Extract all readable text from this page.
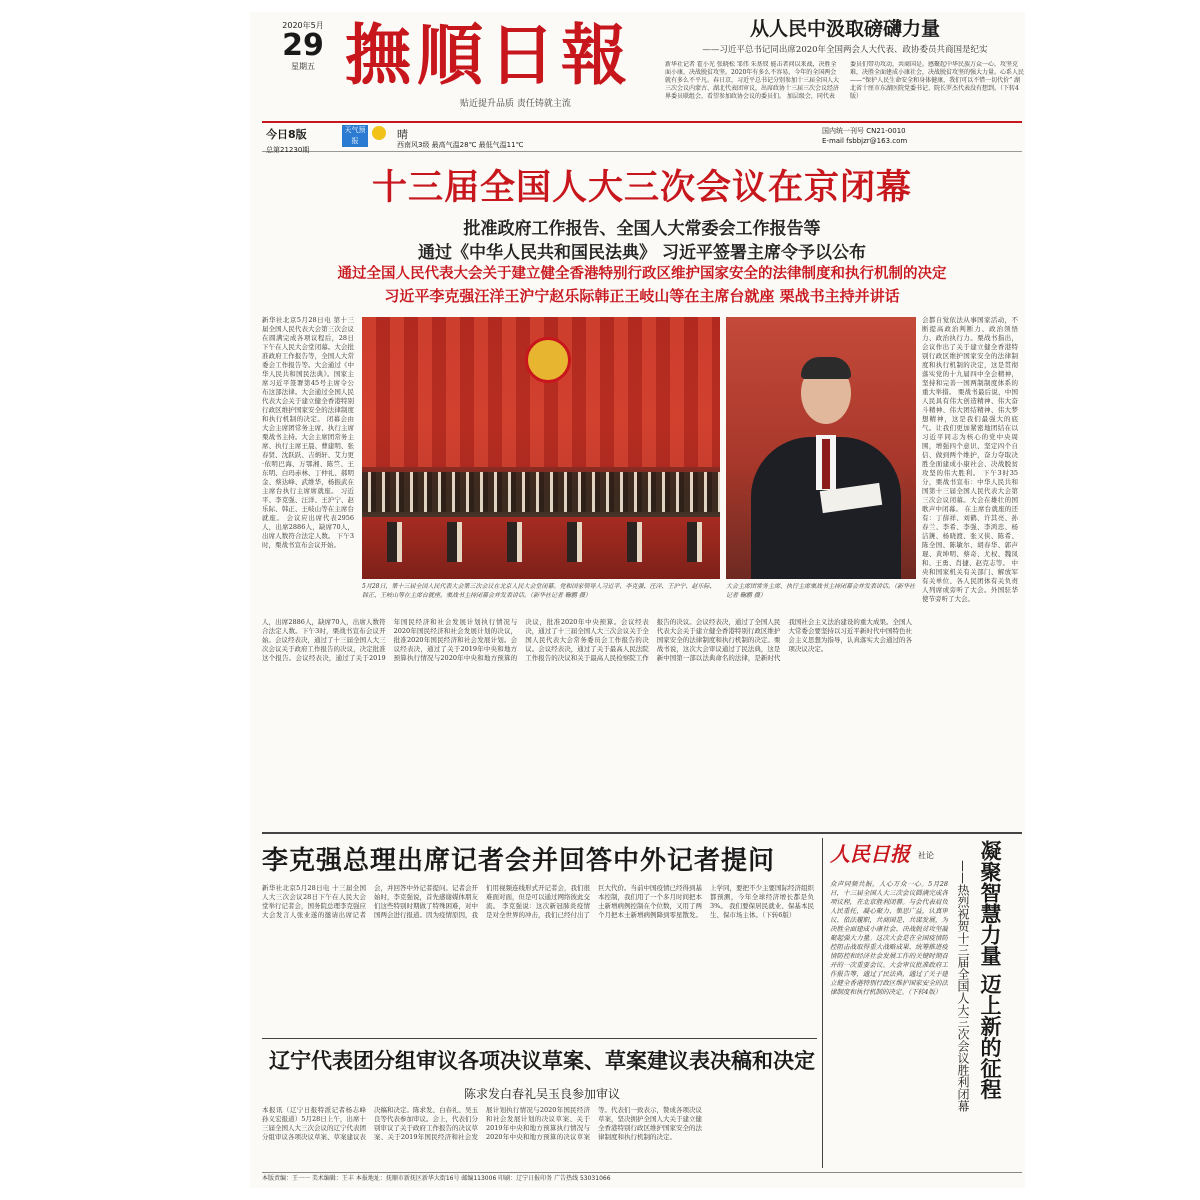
2020年5月
29
星期五 撫順日報
贴近提升品质 责任铸就主流
从人民中汲取磅礴力量
——习近平总书记同出席2020年全国两会人大代表、政协委员共商国是纪实
新华社记者 霍小光 张晓松 邹伟 朱基钗 能击者问以来战，决胜全面小康，决战脱贫攻坚。2020年有多么不容易，今年的全国两会就有多么不平凡。春日京，习近平总书记分别参加十三届全国人大三次会议内蒙古、湖北代表团审议，出席政协十三届三次会议经济界委员联组会，看望参加政协会议的委员们。 加层级会，同代表委员们带功攻动，共商国是。感聚起中华民族万众一心，攻坚克难，决胜全面建成小康社会，决战脱贫攻坚的强大力量。心系人民——“保护人民生命安全和身体健康，我们可以不惜一切代价” 湖北省十厘市东湖医院党委书记、院长罗杰代表没有想到。（下转4版）
今日8版
总第21230期
天气预报	晴
西南风3级 最高气温28℃ 最低气温11℃
国内统一刊号 CN21-0010
E-mail fsbbjzr@163.com
十三届全国人大三次会议在京闭幕
批准政府工作报告、全国人大常委会工作报告等
通过《中华人民共和国民法典》 习近平签署主席令予以公布
通过全国人民代表大会关于建立健全香港特别行政区维护国家安全的法律制度和执行机制的决定
习近平李克强汪洋王沪宁赵乐际韩正王岐山等在主席台就座 栗战书主持并讲话
新华社北京5月28日电 第十三届全国人民代表大会第三次会议在圆满完成各项议程后，28日下午在人民大会堂闭幕。大会批准政府工作报告等，全国人大常委会工作报告等。大会通过《中华人民共和国民法典》。国家主席习近平签署第45号主席令公布这部法律。大会通过全国人民代表大会关于建立健全香港特别行政区维护国家安全的法律制度和执行机制的决定。 闭幕会由大会主席团常务主席、执行主席栗战书主持。大会主席团常务主席、执行主席王晨、曹建明、张春贤、沈跃跃、吉炳轩、艾力更·依明巴海、万鄂湘、陈竺、王东明、白玛赤林、丁仲礼、郝明金、蔡达峰、武维华，杨振武在主席台执行主席席就座。 习近平、李克强、汪洋、王沪宁、赵乐际、韩正、王岐山等在主席台就座。 会议应出席代表2956人，出席2886人，缺席70人，出席人数符合法定人数。 下午3时，栗战书宣布会议开始。
5月28日，第十三届全国人民代表大会第三次会议在北京人民大会堂闭幕。党和国家领导人习近平、李克强、汪洋、王沪宁、赵乐际、韩正、王岐山等在主席台就座。栗战书主持闭幕会并发表讲话。（新华社记者 鞠鹏 摄）
大会主席团常务主席、执行主席栗战书主持闭幕会并发表讲话。（新华社记者 鞠鹏 摄）
会都自觉依法从事国家活动，不断提高政治判断力、政治领悟力、政治执行力。栗战书指出，会议作出了关于建立健全香港特别行政区维护国家安全的法律制度和执行机制的决定，这是贯彻落实党的十九届四中全会精神，坚持和完善一国两制制度体系的重大举措。 栗战书最后说，中国人民具有伟大创造精神、伟大奋斗精神、伟大团结精神、伟大梦想精神，这是我们最强大的底气。让我们更加紧密地团结在以习近平同志为核心的党中央周围，增强四个意识、坚定四个自信、做到两个维护，奋力夺取决胜全面建成小康社会、决战脱贫攻坚的伟大胜利。 下午3时35分，栗战书宣布：中华人民共和国第十三届全国人民代表大会第三次会议闭幕。大会在雄壮的国歌声中闭幕。 在主席台就座的还有：丁薛祥、刘鹤、许其亮、孙春兰、李希、李强、李鸿忠、杨洁篪、杨晓渡、张又侠、陈希、陈全国、陈敏尔、胡春华、郭声琨、黄坤明、蔡奇、尤权、魏凤和、王勇、肖捷、赵克志等。 中央和国家机关有关部门、解放军有关单位、各人民团体有关负责人列席或旁听了大会。外国驻华使节旁听了大会。
人，出席2886人，缺席70人，出席人数符合法定人数。下午3时，栗战书宣布会议开始。会议经表决，通过了十三届全国人大三次会议关于政府工作报告的决议，决定批准这个报告。会议经表决，通过了关于2019年国民经济和社会发展计划执行情况与2020年国民经济和社会发展计划的决议，批准2020年国民经济和社会发展计划。会议经表决，通过了关于2019年中央和地方预算执行情况与2020年中央和地方预算的决议，批准2020年中央预算。会议经表决，通过了十三届全国人大三次会议关于全国人民代表大会常务委员会工作报告的决议。会议经表决，通过了关于最高人民法院工作报告的决议和关于最高人民检察院工作报告的决议。会议经表决，通过了全国人民代表大会关于建立健全香港特别行政区维护国家安全的法律制度和执行机制的决定。栗战书说，这次大会审议通过了民法典，这是新中国第一部以法典命名的法律，是新时代我国社会主义法治建设的重大成果。全国人大常委会要坚持以习近平新时代中国特色社会主义思想为指导，认真落实大会通过的各项决议决定。
李克强总理出席记者会并回答中外记者提问
新华社北京5月28日电 十三届全国人大三次会议28日下午在人民大会堂举行记者会，国务院总理李克强应大会发言人张业遂的邀请出席记者会，并回答中外记者提问。记者会开始时，李克强说，首先感谢媒体朋友们这些特别时期做了特殊困难，对中国两会进行报道。因为疫情原因，我们用视频连线形式开记者会，我们很难面对面，但是可以通过网络彼此交流。 李克强说：这次新冠肺炎疫情是对全世界的冲击，我们已经付出了巨大代价。当前中国疫情已经得到基本控制，我们用了一个多月时间把本土新增病例控制在个位数，又用了两个月把本土新增病例降到零星散发。 上学同，要把不少主要国际经济组织都预测，今年全球经济增长都是负3%。 我们要保居民就业、保基本民生、保市场主体。（下转6版）
辽宁代表团分组审议各项决议草案、草案建议表决稿和决定
陈求发白春礼吴玉良参加审议
本报讯（辽宁日报特派记者杨志峰 孙义宏报道）5月28日上午，出席十三届全国人大三次会议的辽宁代表团分组审议各项决议草案、草案建议表决稿和决定。陈求发、白春礼、吴玉良等代表参加审议。会上，代表们分别审议了关于政府工作报告的决议草案、关于2019年国民经济和社会发展计划执行情况与2020年国民经济和社会发展计划的决议草案、关于2019年中央和地方预算执行情况与2020年中央和地方预算的决议草案等。代表们一致表示，赞成各项决议草案，坚决拥护全国人大关于建立健全香港特别行政区维护国家安全的法律制度和执行机制的决定。
人民日报 社论 凝聚智慧力量 迈上新的征程
——热烈祝贺十三届全国人大三次会议胜利闭幕
众声同频共振，人心万众一心。5月28日，十三届全国人大三次会议圆满完成各项议程，在北京胜利闭幕。与会代表肩负人民重托，凝心聚力、集思广益，认真审议、依法履职，共商国是、共谋发展，为决胜全面建成小康社会、决战脱贫攻坚凝聚起强大力量。这次大会是在全国疫情防控阻击战取得重大战略成果、统筹推进疫情防控和经济社会发展工作的关键时期召开的一次重要会议。大会审议批准政府工作报告等，通过了民法典，通过了关于建立健全香港特别行政区维护国家安全的法律制度和执行机制的决定。（下转4版）
本版责编：王一一 美术编辑：王丰 本报地址：抚顺市新抚区新华大街16号 邮编113006 印刷：辽宁日报印务 广告热线 53031066
